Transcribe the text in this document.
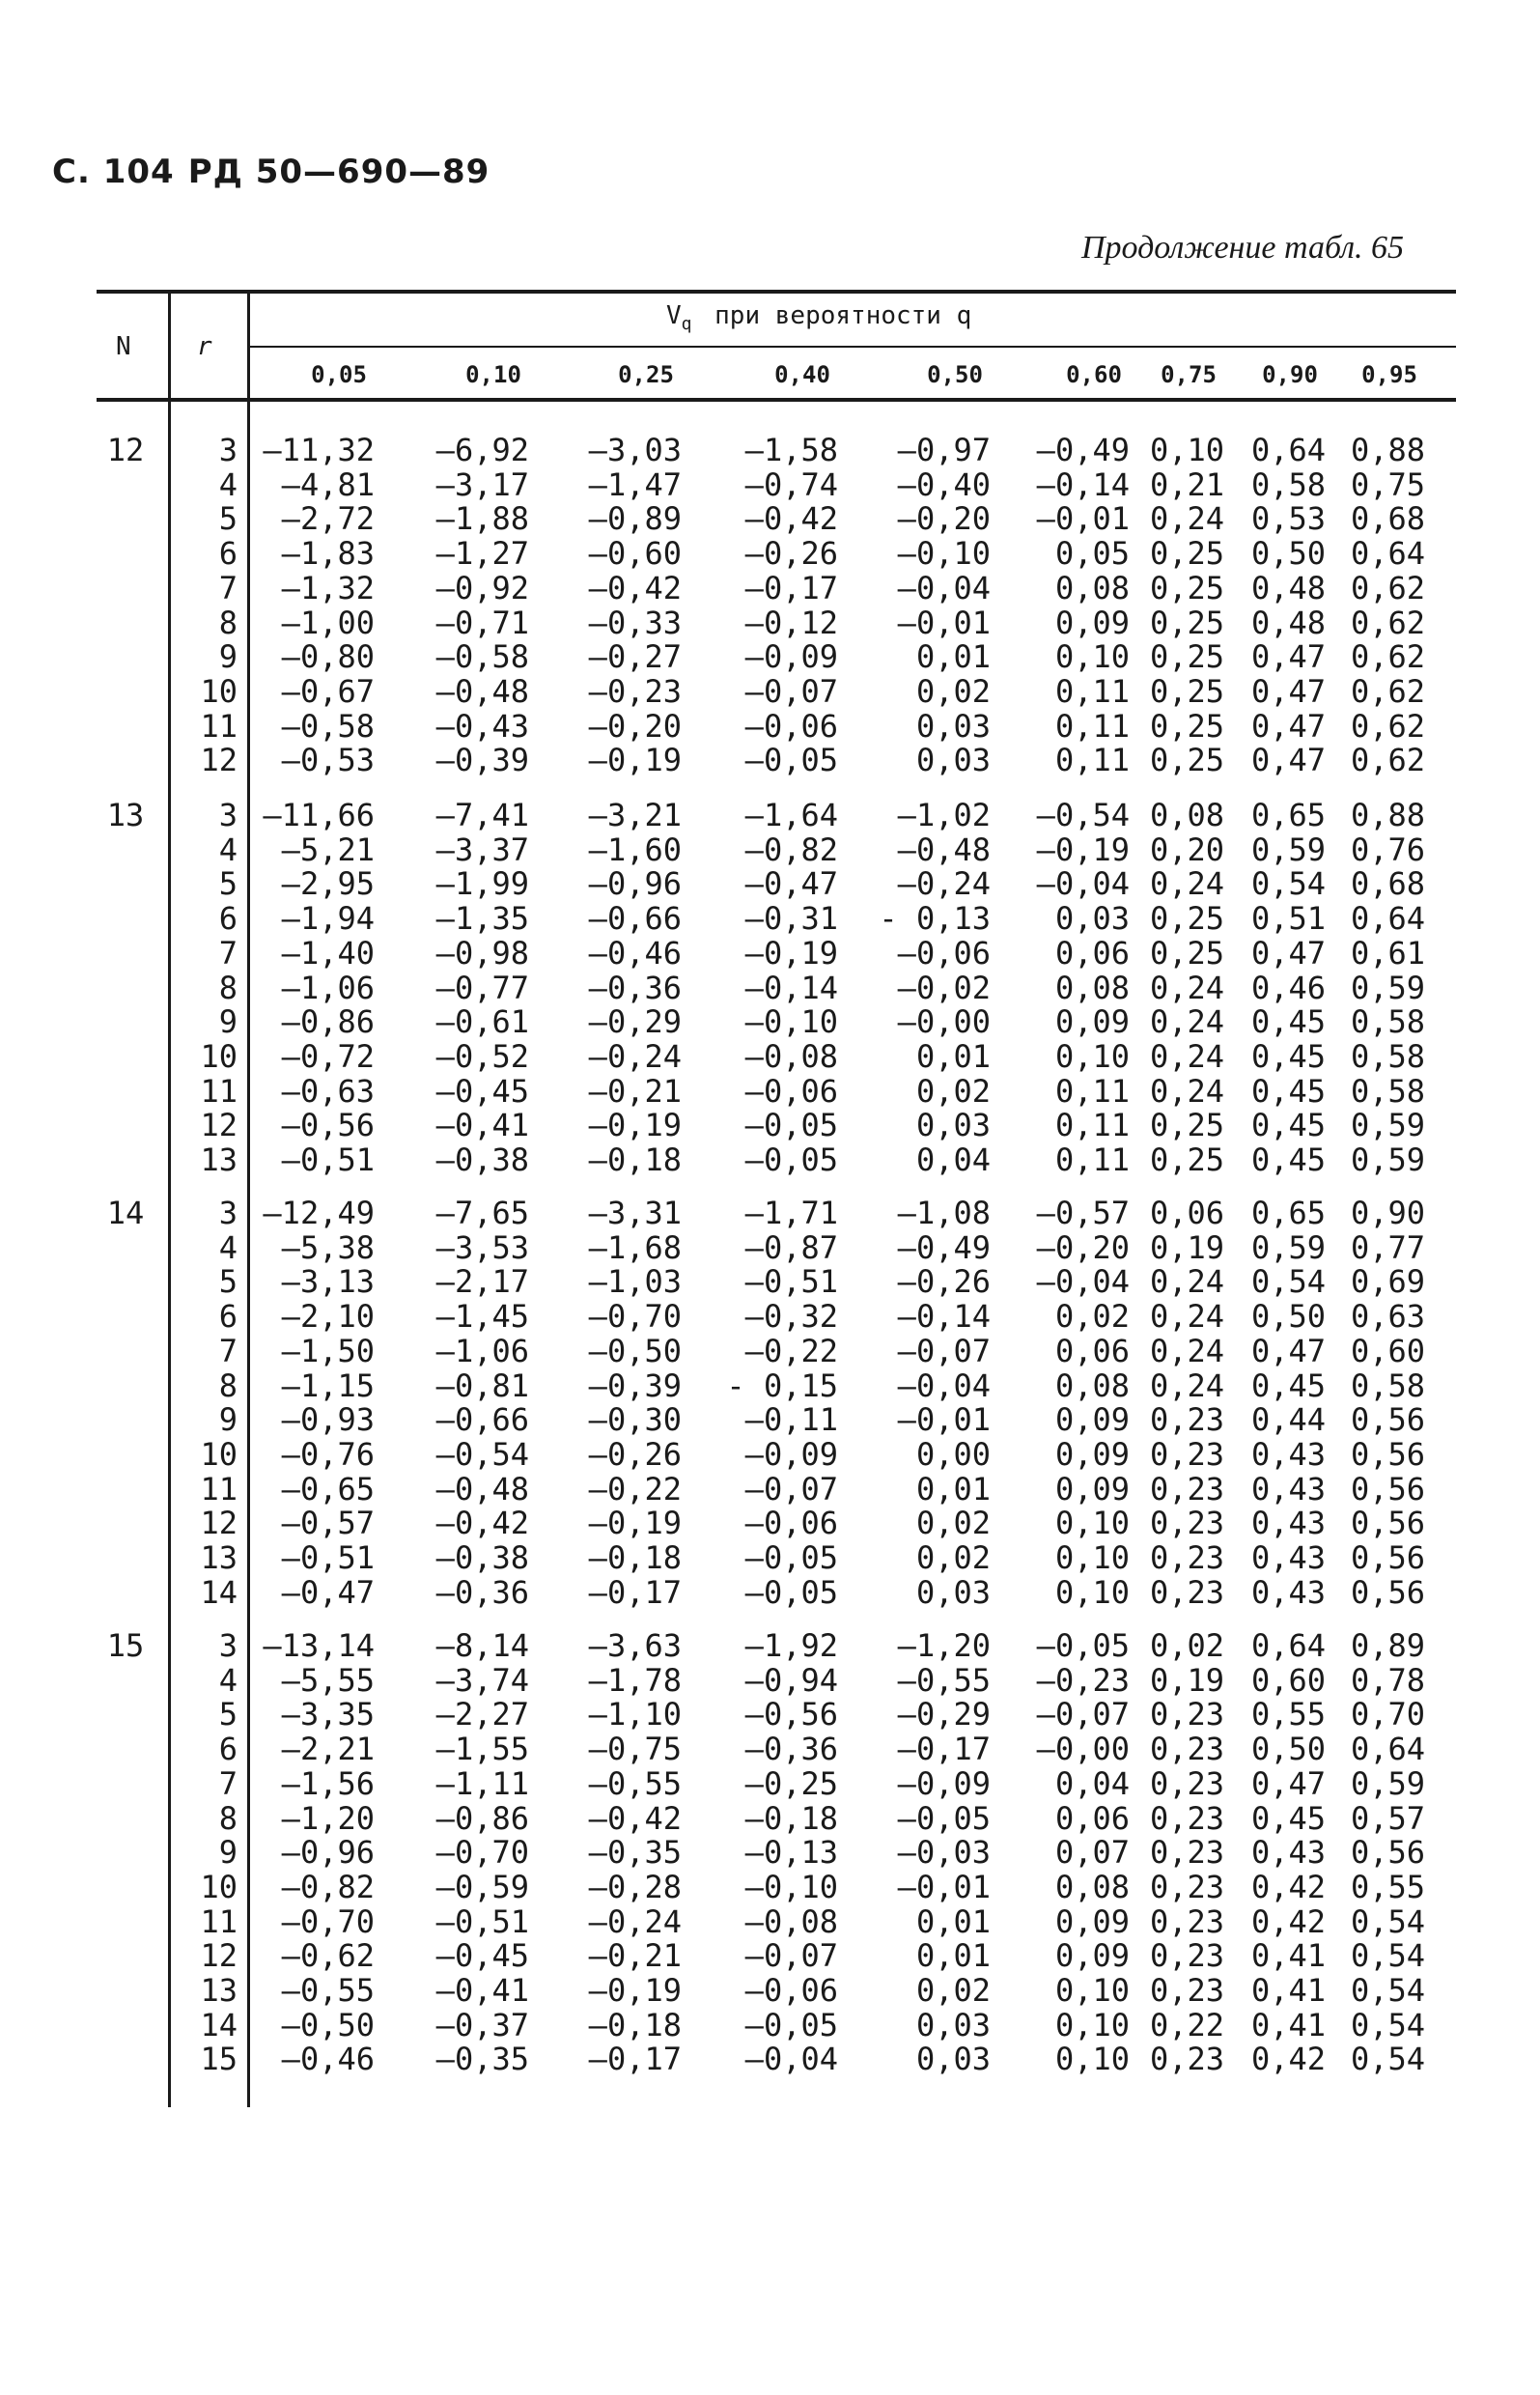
С. 104 РД 50—690—89
Продолжение табл. 65
N	r
$V_q$ при вероятности q
0,05	0,10	0,25	0,40	0,50	0,60	0,75	0,90	0,95
12	3 —11,32	—6,92	—3,03	—1,58	—0,97	—0,49 0,10 0,64 0,88
4	—4,81	—3,17	—1,47	—0,74	—0,40	—0,14 0,21 0,58 0,75
5	—2,72	—1,88	—0,89	—0,42	—0,20	—0,01 0,24 0,53 0,68
6	—1,83	—1,27	—0,60	—0,26	—0,10	0,05 0,25 0,50 0,64
7	—1,32	—0,92	—0,42	—0,17	—0,04	0,08 0,25 0,48 0,62
8	—1,00	—0,71	—0,33	—0,12	—0,01	0,09 0,25 0,48 0,62
9	—0,80	—0,58	—0,27	—0,09	0,01	0,10 0,25 0,47 0,62
10	—0,67	—0,48	—0,23	—0,07	0,02	0,11 0,25 0,47 0,62
11	—0,58	—0,43	—0,20	—0,06	0,03	0,11 0,25 0,47 0,62
12	—0,53	—0,39	—0,19	—0,05	0,03	0,11 0,25 0,47 0,62
13	3 —11,66	—7,41	—3,21	—1,64	—1,02	—0,54 0,08 0,65 0,88
4	—5,21	—3,37	—1,60	—0,82	—0,48	—0,19 0,20 0,59 0,76
5	—2,95	—1,99	—0,96	—0,47	—0,24	—0,04 0,24 0,54 0,68
6	—1,94	—1,35	—0,66	—0,31	- 0,13	0,03 0,25 0,51 0,64
7	—1,40	—0,98	—0,46	—0,19	—0,06	0,06 0,25 0,47 0,61
8	—1,06	—0,77	—0,36	—0,14	—0,02	0,08 0,24 0,46 0,59
9	—0,86	—0,61	—0,29	—0,10	—0,00	0,09 0,24 0,45 0,58
10	—0,72	—0,52	—0,24	—0,08	0,01	0,10 0,24 0,45 0,58
11	—0,63	—0,45	—0,21	—0,06	0,02	0,11 0,24 0,45 0,58
12	—0,56	—0,41	—0,19	—0,05	0,03	0,11 0,25 0,45 0,59
13	—0,51	—0,38	—0,18	—0,05	0,04	0,11 0,25 0,45 0,59
14	3 —12,49	—7,65	—3,31	—1,71	—1,08	—0,57 0,06 0,65 0,90
4	—5,38	—3,53	—1,68	—0,87	—0,49	—0,20 0,19 0,59 0,77
5	—3,13	—2,17	—1,03	—0,51	—0,26	—0,04 0,24 0,54 0,69
6	—2,10	—1,45	—0,70	—0,32	—0,14	0,02 0,24 0,50 0,63
7	—1,50	—1,06	—0,50	—0,22	—0,07	0,06 0,24 0,47 0,60
8	—1,15	—0,81	—0,39	- 0,15	—0,04	0,08 0,24 0,45 0,58
9	—0,93	—0,66	—0,30	—0,11	—0,01	0,09 0,23 0,44 0,56
10	—0,76	—0,54	—0,26	—0,09	0,00	0,09 0,23 0,43 0,56
11	—0,65	—0,48	—0,22	—0,07	0,01	0,09 0,23 0,43 0,56
12	—0,57	—0,42	—0,19	—0,06	0,02	0,10 0,23 0,43 0,56
13	—0,51	—0,38	—0,18	—0,05	0,02	0,10 0,23 0,43 0,56
14	—0,47	—0,36	—0,17	—0,05	0,03	0,10 0,23 0,43 0,56
15	3 —13,14	—8,14	—3,63	—1,92	—1,20	—0,05 0,02 0,64 0,89
4	—5,55	—3,74	—1,78	—0,94	—0,55	—0,23 0,19 0,60 0,78
5	—3,35	—2,27	—1,10	—0,56	—0,29	—0,07 0,23 0,55 0,70
6	—2,21	—1,55	—0,75	—0,36	—0,17	—0,00 0,23 0,50 0,64
7	—1,56	—1,11	—0,55	—0,25	—0,09	0,04 0,23 0,47 0,59
8	—1,20	—0,86	—0,42	—0,18	—0,05	0,06 0,23 0,45 0,57
9	—0,96	—0,70	—0,35	—0,13	—0,03	0,07 0,23 0,43 0,56
10	—0,82	—0,59	—0,28	—0,10	—0,01	0,08 0,23 0,42 0,55
11	—0,70	—0,51	—0,24	—0,08	0,01	0,09 0,23 0,42 0,54
12	—0,62	—0,45	—0,21	—0,07	0,01	0,09 0,23 0,41 0,54
13	—0,55	—0,41	—0,19	—0,06	0,02	0,10 0,23 0,41 0,54
14	—0,50	—0,37	—0,18	—0,05	0,03	0,10 0,22 0,41 0,54
15	—0,46	—0,35	—0,17	—0,04	0,03	0,10 0,23 0,42 0,54
